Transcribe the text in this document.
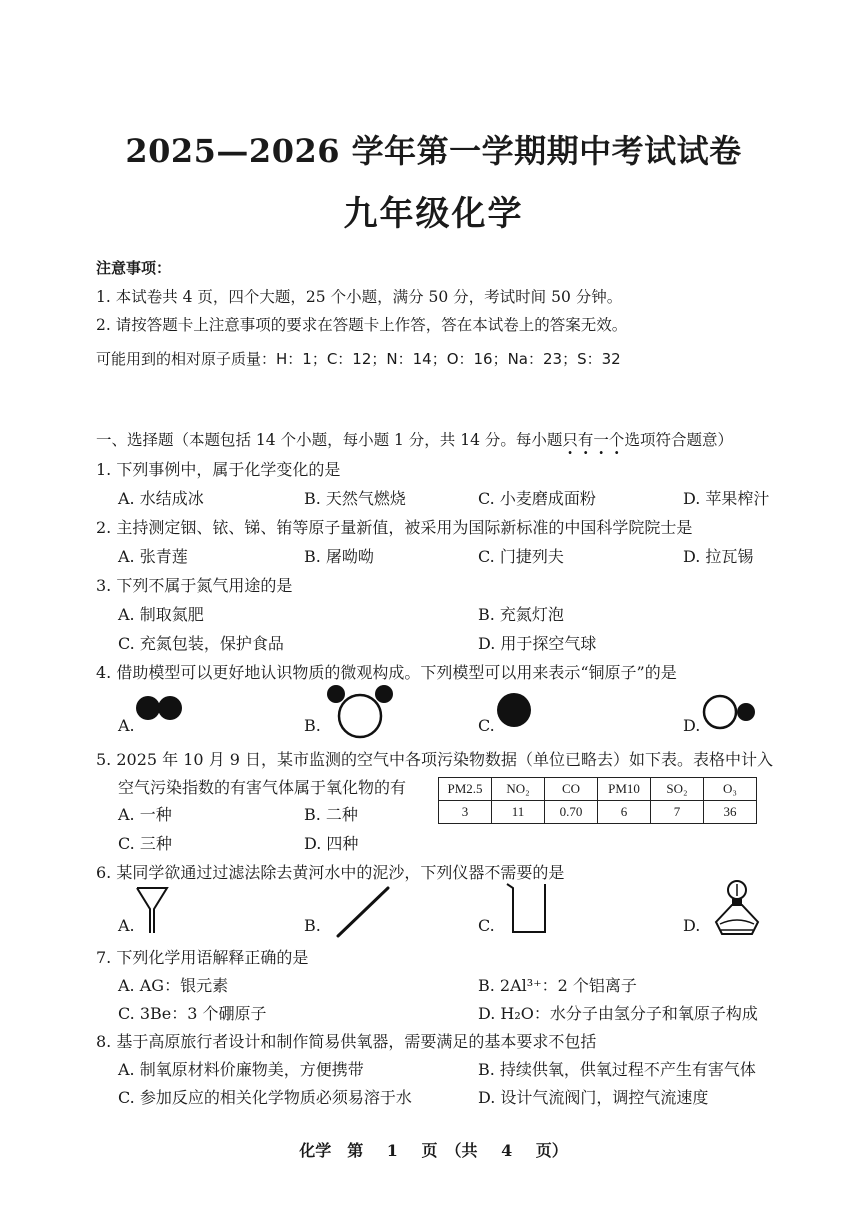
2025—2026 学年第一学期期中考试试卷
九年级化学
注意事项：
1. 本试卷共 4 页，四个大题，25 个小题，满分 50 分，考试时间 50 分钟。
2. 请按答题卡上注意事项的要求在答题卡上作答，答在本试卷上的答案无效。
可能用到的相对原子质量：H：1；C：12；N：14；O：16；Na：23；S：32
一、选择题（本题包括 14 个小题，每小题 1 分，共 14 分。每小题只有一个选项符合题意）
1. 下列事例中，属于化学变化的是
A. 水结成冰	B. 天然气燃烧	C. 小麦磨成面粉	D. 苹果榨汁
2. 主持测定铟、铱、锑、铕等原子量新值，被采用为国际新标准的中国科学院院士是
A. 张青莲	B. 屠呦呦	C. 门捷列夫	D. 拉瓦锡
3. 下列不属于氮气用途的是
A. 制取氮肥	B. 充氮灯泡
C. 充氮包装，保护食品	D. 用于探空气球
4. 借助模型可以更好地认识物质的微观构成。下列模型可以用来表示“铜原子”的是
A.	B.	C.	D.
5. 2025 年 10 月 9 日，某市监测的空气中各项污染物数据（单位已略去）如下表。表格中计入
空气污染指数的有害气体属于氧化物的有
A. 一种	B. 二种
C. 三种	D. 四种
PM2.5	NO₂	CO	PM10	SO₂	O₃
3	11	0.70	6	7	36
6. 某同学欲通过过滤法除去黄河水中的泥沙，下列仪器不需要的是
A.	B.	C.	D.
7. 下列化学用语解释正确的是
A. AG：银元素	B. 2Al³⁺：2 个铝离子
C. 3Be：3 个硼原子	D. H₂O：水分子由氢分子和氧原子构成
8. 基于高原旅行者设计和制作简易供氧器，需要满足的基本要求不包括
A. 制氧原材料价廉物美，方便携带	B. 持续供氧，供氧过程不产生有害气体
C. 参加反应的相关化学物质必须易溶于水	D. 设计气流阀门，调控气流速度
化学　第 1 页　（共 4 页）
